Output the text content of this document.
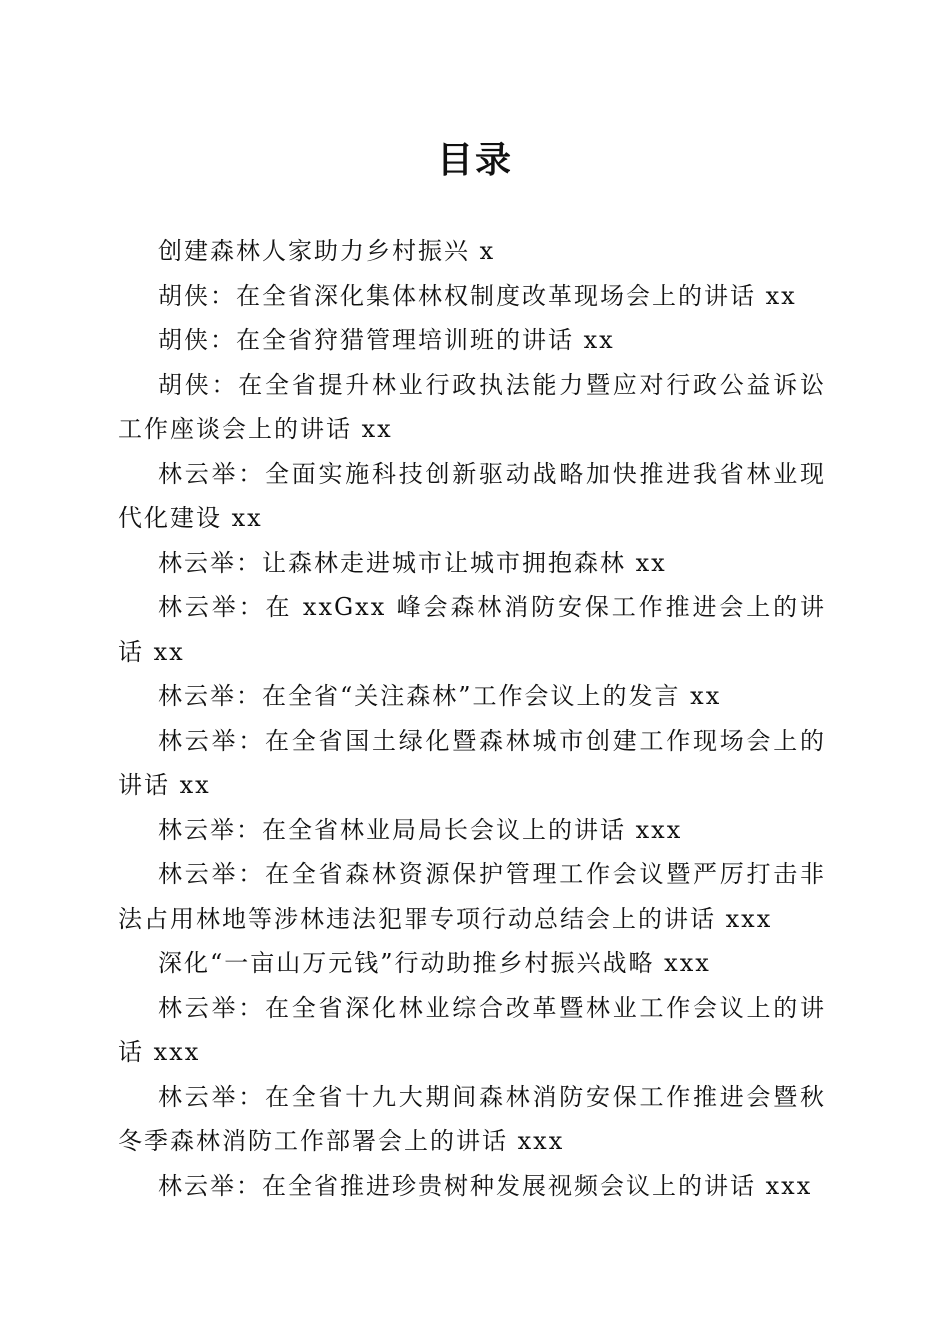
目录
创建森林人家助力乡村振兴 x
胡侠：在全省深化集体林权制度改革现场会上的讲话 xx
胡侠：在全省狩猎管理培训班的讲话 xx
胡侠：在全省提升林业行政执法能力暨应对行政公益诉讼工作座谈会上的讲话 xx
林云举：全面实施科技创新驱动战略加快推进我省林业现代化建设 xx
林云举：让森林走进城市让城市拥抱森林 xx
林云举：在 xxGxx 峰会森林消防安保工作推进会上的讲话 xx
林云举：在全省“关注森林”工作会议上的发言 xx
林云举：在全省国土绿化暨森林城市创建工作现场会上的讲话 xx
林云举：在全省林业局局长会议上的讲话 xxx
林云举：在全省森林资源保护管理工作会议暨严厉打击非法占用林地等涉林违法犯罪专项行动总结会上的讲话 xxx
深化“一亩山万元钱”行动助推乡村振兴战略 xxx
林云举：在全省深化林业综合改革暨林业工作会议上的讲话 xxx
林云举：在全省十九大期间森林消防安保工作推进会暨秋冬季森林消防工作部署会上的讲话 xxx
林云举：在全省推进珍贵树种发展视频会议上的讲话 xxx
